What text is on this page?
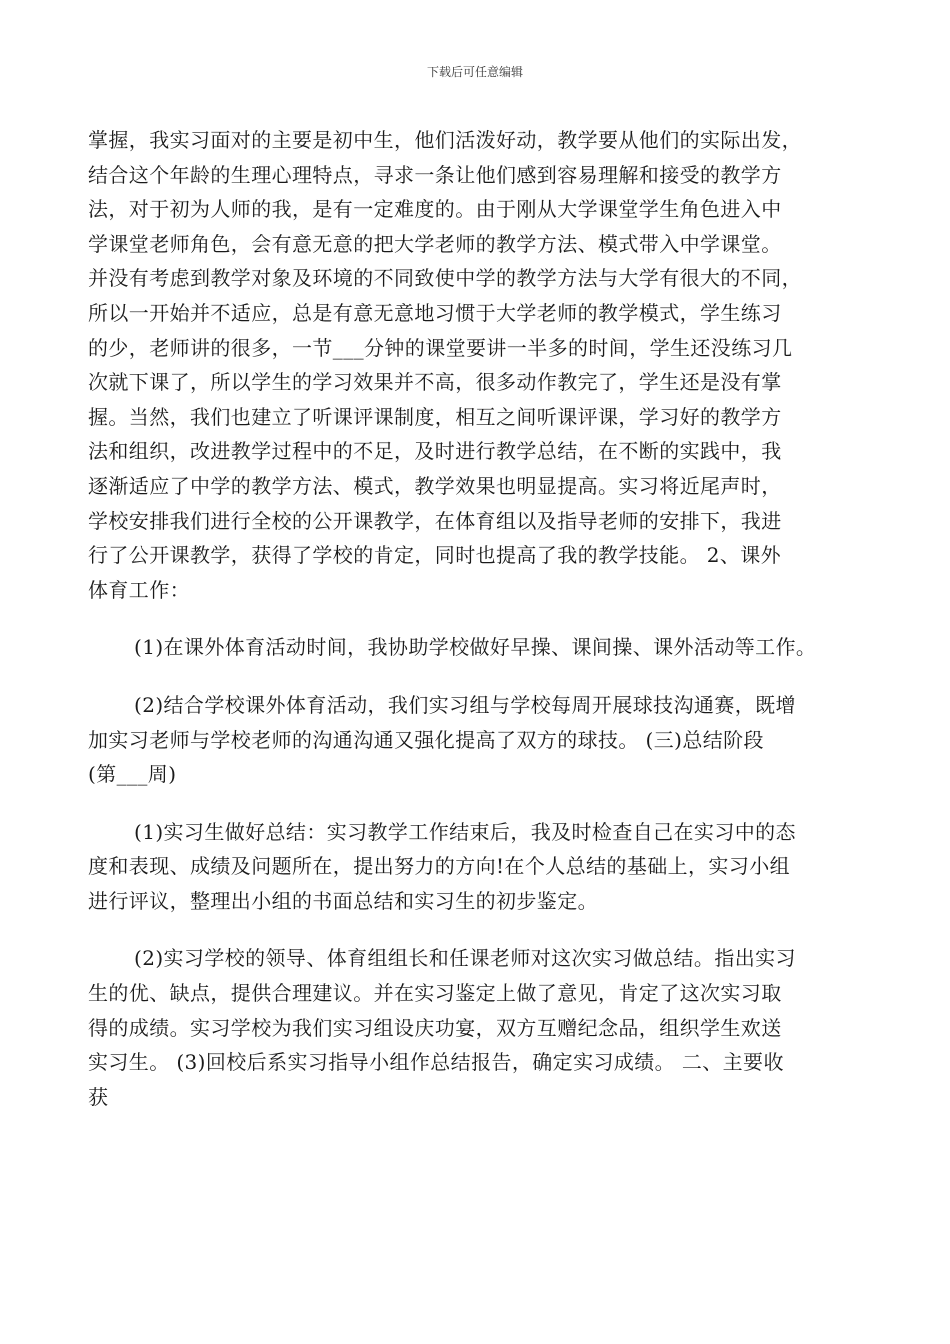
下载后可任意编辑
掌握，我实习面对的主要是初中生，他们活泼好动，教学要从他们的实际出发，
结合这个年龄的生理心理特点，寻求一条让他们感到容易理解和接受的教学方
法，对于初为人师的我，是有一定难度的。由于刚从大学课堂学生角色进入中
学课堂老师角色，会有意无意的把大学老师的教学方法、模式带入中学课堂。
并没有考虑到教学对象及环境的不同致使中学的教学方法与大学有很大的不同，
所以一开始并不适应，总是有意无意地习惯于大学老师的教学模式，学生练习
的少，老师讲的很多，一节___分钟的课堂要讲一半多的时间，学生还没练习几
次就下课了，所以学生的学习效果并不高，很多动作教完了，学生还是没有掌
握。当然，我们也建立了听课评课制度，相互之间听课评课，学习好的教学方
法和组织，改进教学过程中的不足，及时进行教学总结，在不断的实践中，我
逐渐适应了中学的教学方法、模式，教学效果也明显提高。实习将近尾声时，
学校安排我们进行全校的公开课教学，在体育组以及指导老师的安排下，我进
行了公开课教学，获得了学校的肯定，同时也提高了我的教学技能。 2、课外
体育工作：
(1)在课外体育活动时间，我协助学校做好早操、课间操、课外活动等工作。
(2)结合学校课外体育活动，我们实习组与学校每周开展球技沟通赛，既增
加实习老师与学校老师的沟通沟通又强化提高了双方的球技。 (三)总结阶段
(第___周)
(1)实习生做好总结：实习教学工作结束后，我及时检查自己在实习中的态
度和表现、成绩及问题所在，提出努力的方向!在个人总结的基础上，实习小组
进行评议，整理出小组的书面总结和实习生的初步鉴定。
(2)实习学校的领导、体育组组长和任课老师对这次实习做总结。指出实习
生的优、缺点，提供合理建议。并在实习鉴定上做了意见，肯定了这次实习取
得的成绩。实习学校为我们实习组设庆功宴，双方互赠纪念品，组织学生欢送
实习生。 (3)回校后系实习指导小组作总结报告，确定实习成绩。 二、主要收
获
